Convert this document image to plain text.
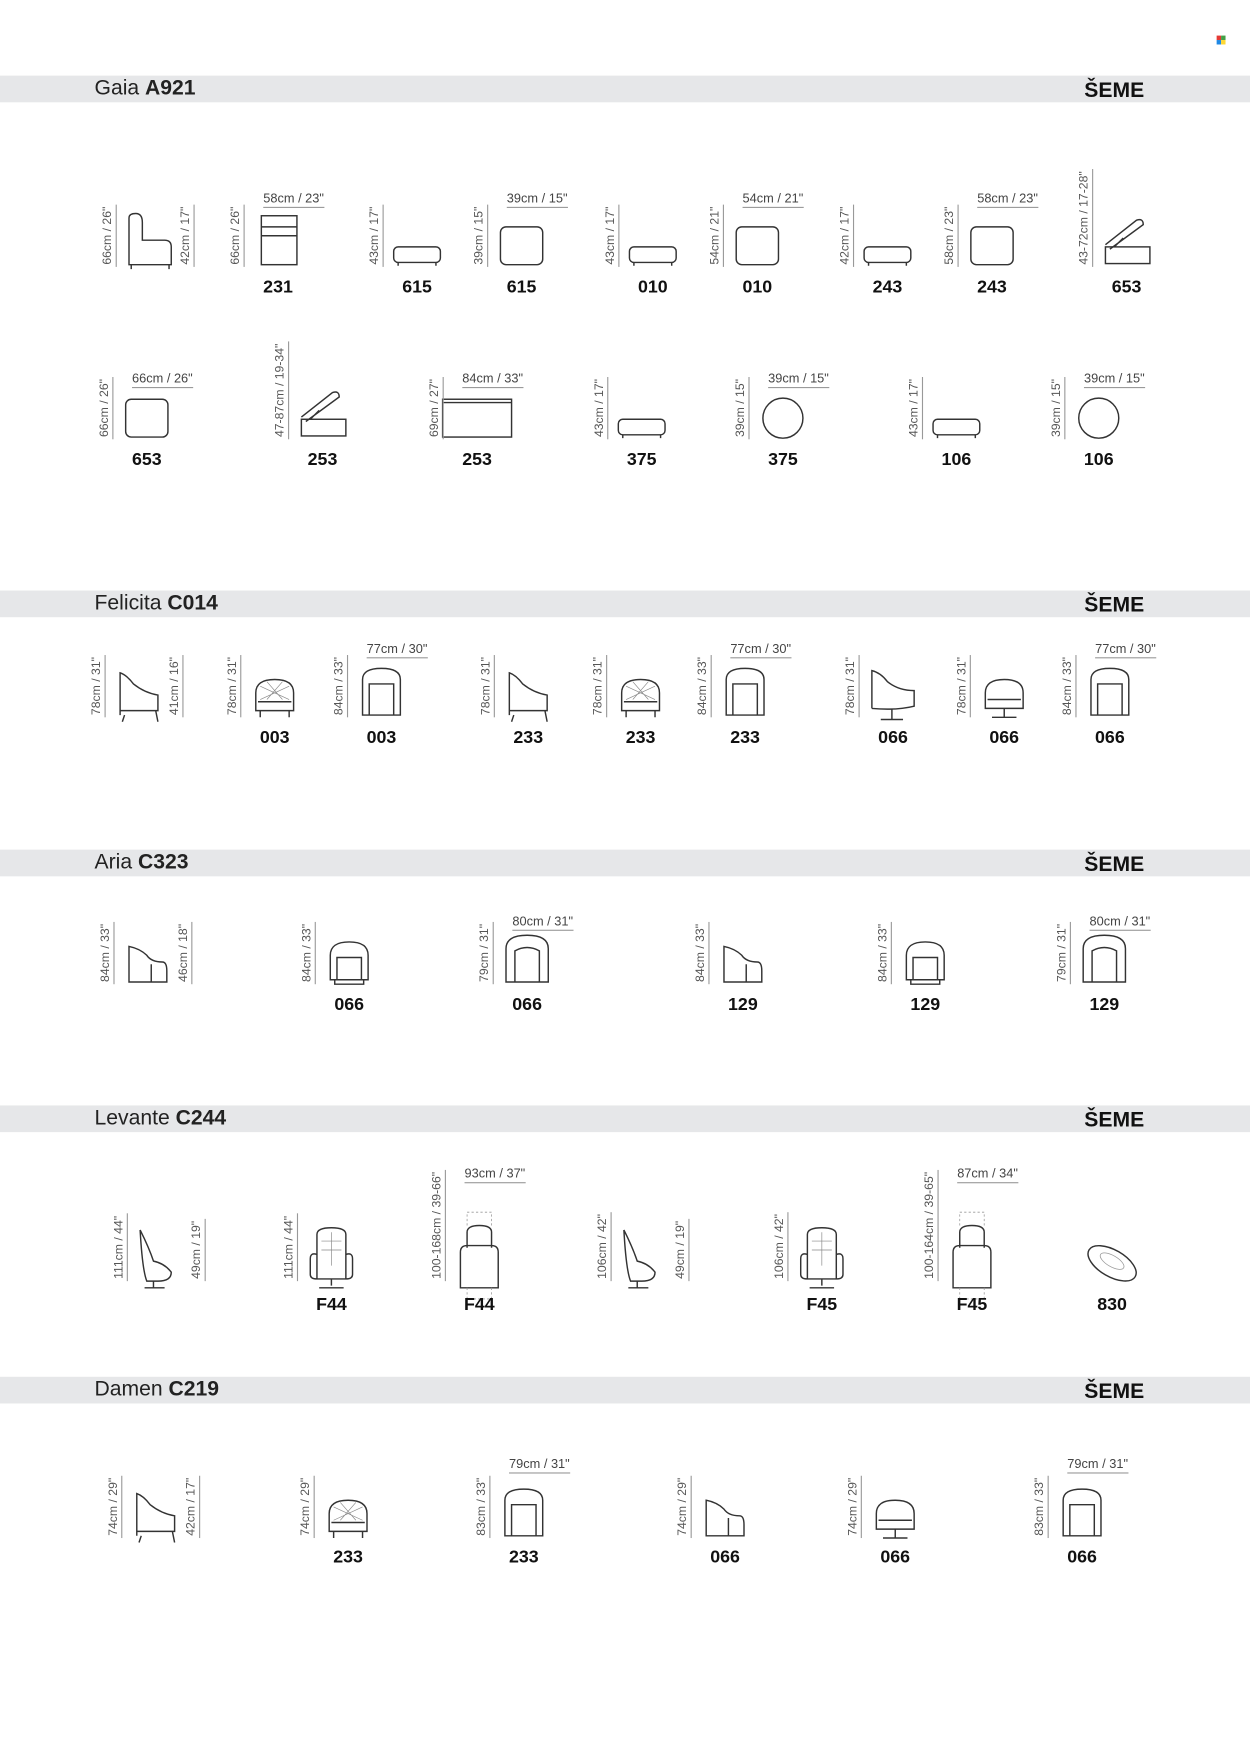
Gaia A921	ŠEME
66cm / 26"	42cm / 17"	66cm / 26"
58cm / 23"
231
43cm / 17"
615
39cm / 15"
39cm / 15"
615
43cm / 17"
010
54cm / 21"
54cm / 21"
010
42cm / 17"
243
58cm / 23"
58cm / 23"
243
43-72cm / 17-28"
653
66cm / 26" 66cm / 26"
653
47-87cm / 19-34"
253
69cm / 27" 84cm / 33"
253
43cm / 17"
375
39cm / 15" 39cm / 15"
375
43cm / 17"
106
39cm / 15" 39cm / 15"
106
Felicita C014	ŠEME
78cm / 31"	41cm / 16"	78cm / 31"
003
84cm / 33"
77cm / 30"
003
78cm / 31"
233
78cm / 31"
233
84cm / 33"
77cm / 30"
233
78cm / 31"
066
78cm / 31"
066
84cm / 33"
77cm / 30"
066
Aria C323	ŠEME
84cm / 33"	46cm / 18"	84cm / 33"
066
79cm / 31"
80cm / 31"
066
84cm / 33"
129
84cm / 33"
129
79cm / 31"
80cm / 31"
129
Levante C244	ŠEME
111cm / 44"	49cm / 19"	111cm / 44"
F44
100-168cm / 39-66" 93cm / 37"
F44
106cm / 42"	49cm / 19"	106cm / 42"
F45
100-164cm / 39-65" 87cm / 34"
F45	830
Damen C219	ŠEME
74cm / 29"	42cm / 17"	74cm / 29"
233
83cm / 33"
79cm / 31"
233
74cm / 29"
066
74cm / 29"
066
83cm / 33"
79cm / 31"
066
